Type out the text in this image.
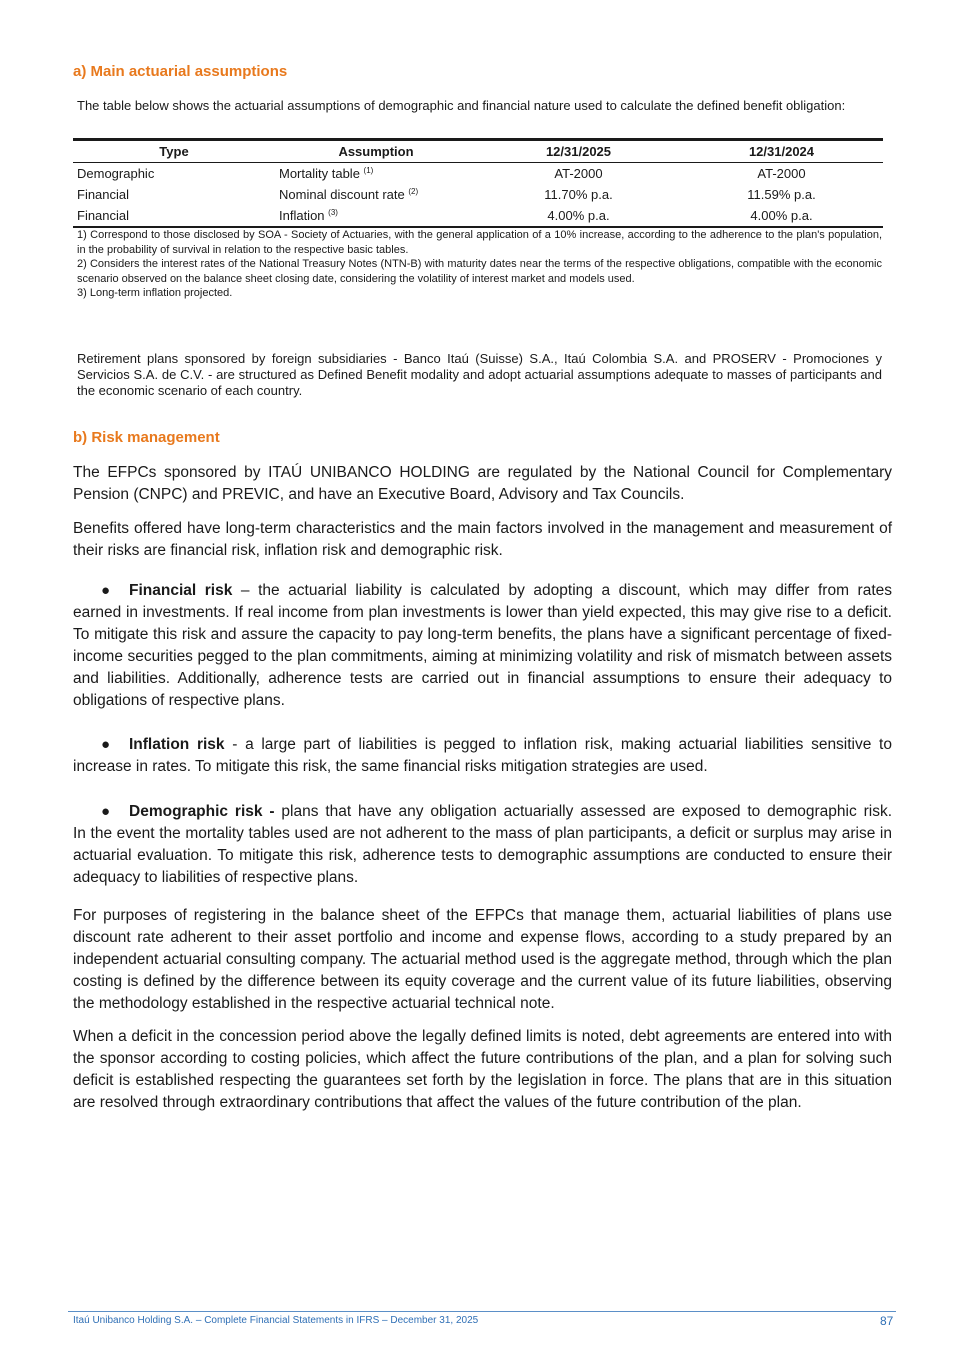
a) Main actuarial assumptions
The table below shows the actuarial assumptions of demographic and financial nature used to calculate the defined benefit obligation:
Type	Assumption	12/31/2025	12/31/2024
Demographic	Mortality table $^{(1)}$	AT-2000	AT-2000
Financial	Nominal discount rate $^{(2)}$	11.70% p.a.	11.59% p.a.
Financial	Inflation $^{(3)}$	4.00% p.a.	4.00% p.a.

1) Correspond to those disclosed by SOA - Society of Actuaries, with the general application of a 10% increase, according to the adherence to the plan's population, in the probability of survival in relation to the respective basic tables.

2) Considers the interest rates of the National Treasury Notes (NTN-B) with maturity dates near the terms of the respective obligations, compatible with the economic scenario observed on the balance sheet closing date, considering the volatility of interest market and models used.

3) Long-term inflation projected.

Retirement plans sponsored by foreign subsidiaries - Banco Itaú (Suisse) S.A., Itaú Colombia S.A. and PROSERV - Promociones y Servicios S.A. de C.V. - are structured as Defined Benefit modality and adopt actuarial assumptions adequate to masses of participants and the economic scenario of each country.
b) Risk management

The EFPCs sponsored by ITAÚ UNIBANCO HOLDING are regulated by the National Council for Complementary Pension (CNPC) and PREVIC, and have an Executive Board, Advisory and Tax Councils.

Benefits offered have long-term characteristics and the main factors involved in the management and measurement of their risks are financial risk, inflation risk and demographic risk.

● Financial risk – the actuarial liability is calculated by adopting a discount, which may differ from rates
earned in investments. If real income from plan investments is lower than yield expected, this may give rise to a deficit. To mitigate this risk and assure the capacity to pay long-term benefits, the plans have a significant percentage of fixed-income securities pegged to the plan commitments, aiming at minimizing volatility and risk of mismatch between assets and liabilities. Additionally, adherence tests are carried out in financial assumptions to ensure their adequacy to obligations of respective plans.

● Inflation risk - a large part of liabilities is pegged to inflation risk, making actuarial liabilities sensitive to
increase in rates. To mitigate this risk, the same financial risks mitigation strategies are used.

● Demographic risk - plans that have any obligation actuarially assessed are exposed to demographic risk.
In the event the mortality tables used are not adherent to the mass of plan participants, a deficit or surplus may arise in actuarial evaluation. To mitigate this risk, adherence tests to demographic assumptions are conducted to ensure their adequacy to liabilities of respective plans.

For purposes of registering in the balance sheet of the EFPCs that manage them, actuarial liabilities of plans use discount rate adherent to their asset portfolio and income and expense flows, according to a study prepared by an independent actuarial consulting company. The actuarial method used is the aggregate method, through which the plan costing is defined by the difference between its equity coverage and the current value of its future liabilities, observing the methodology established in the respective actuarial technical note.

When a deficit in the concession period above the legally defined limits is noted, debt agreements are entered into with the sponsor according to costing policies, which affect the future contributions of the plan, and a plan for solving such deficit is established respecting the guarantees set forth by the legislation in force. The plans that are in this situation are resolved through extraordinary contributions that affect the values of the future contribution of the plan.

Itaú Unibanco Holding S.A. – Complete Financial Statements in IFRS – December 31, 2025	87
